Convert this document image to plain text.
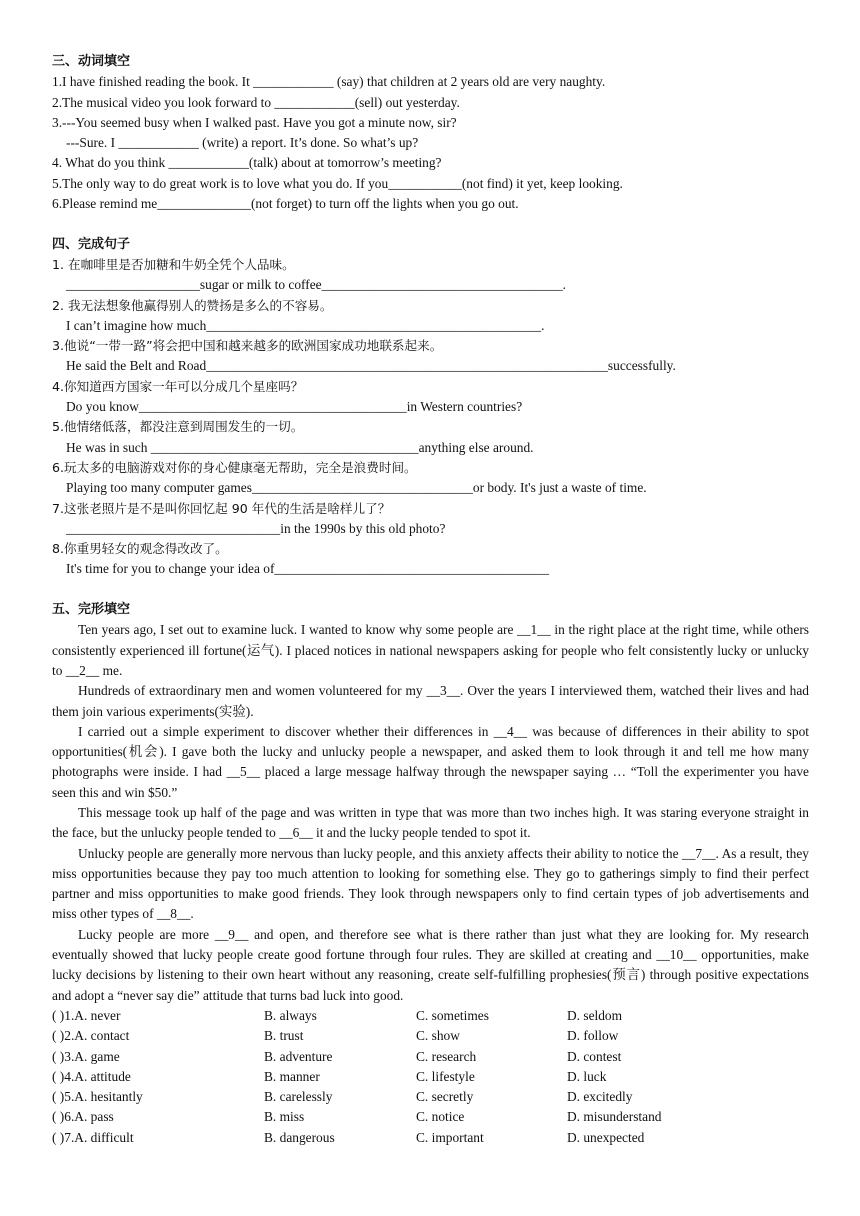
三、动词填空
1.I have finished reading the book. It ____________ (say) that children at 2 years old are very naughty.
2.The musical video you look forward to ____________(sell) out yesterday.
3.---You seemed busy when I walked past. Have you got a minute now, sir?
---Sure. I ____________ (write) a report. It’s done. So what’s up?
4. What do you think ____________(talk) about at tomorrow’s meeting?
5.The only way to do great work is to love what you do. If you___________(not find) it yet, keep looking.
6.Please remind me______________(not forget) to turn off the lights when you go out.
四、完成句子
1. 在咖啡里是否加糖和牛奶全凭个人品味。
____________________sugar or milk to coffee____________________________________.
2. 我无法想象他赢得别人的赞扬是多么的不容易。
I can’t imagine how much__________________________________________________.
3.他说“一带一路”将会把中国和越来越多的欧洲国家成功地联系起来。
He said the Belt and Road____________________________________________________________successfully.
4.你知道西方国家一年可以分成几个星座吗？
Do you know________________________________________in Western countries?
5.他情绪低落，都没注意到周围发生的一切。
He was in such ________________________________________anything else around.
6.玩太多的电脑游戏对你的身心健康毫无帮助，完全是浪费时间。
Playing too many computer games_________________________________or body. It's just a waste of time.
7.这张老照片是不是叫你回忆起 90 年代的生活是啥样儿了？
________________________________in the 1990s by this old photo?
8.你重男轻女的观念得改改了。
It's time for you to change your idea of_________________________________________
五、完形填空

Ten years ago, I set out to examine luck. I wanted to know why some people are __1__ in the right place at the right time, while others consistently experienced ill fortune(运气). I placed notices in national newspapers asking for people who felt consistently lucky or unlucky to __2__ me.

Hundreds of extraordinary men and women volunteered for my __3__. Over the years I interviewed them, watched their lives and had them join various experiments(实验).

I carried out a simple experiment to discover whether their differences in __4__ was because of differences in their ability to spot opportunities(机会). I gave both the lucky and unlucky people a newspaper, and asked them to look through it and tell me how many photographs were inside. I had __5__ placed a large message halfway through the newspaper saying … “Toll the experimenter you have seen this and win $50.”

This message took up half of the page and was written in type that was more than two inches high. It was staring everyone straight in the face, but the unlucky people tended to __6__ it and the lucky people tended to spot it.

Unlucky people are generally more nervous than lucky people, and this anxiety affects their ability to notice the __7__. As a result, they miss opportunities because they pay too much attention to looking for something else. They go to gatherings simply to find their perfect partner and miss opportunities to make good friends. They look through newspapers only to find certain types of job advertisements and miss other types of __8__.

Lucky people are more __9__ and open, and therefore see what is there rather than just what they are looking for. My research eventually showed that lucky people create good fortune through four rules. They are skilled at creating and __10__ opportunities, make lucky decisions by listening to their own heart without any reasoning, create self-fulfilling prophesies(预言) through positive expectations and adopt a “never say die” attitude that turns bad luck into good.

( )1.A. never	B. always	C. sometimes	D. seldom
( )2.A. contact	B. trust	C. show	D. follow
( )3.A. game	B. adventure	C. research	D. contest
( )4.A. attitude	B. manner	C. lifestyle	D. luck
( )5.A. hesitantly	B. carelessly	C. secretly	D. excitedly
( )6.A. pass	B. miss	C. notice	D. misunderstand
( )7.A. difficult	B. dangerous	C. important	D. unexpected
